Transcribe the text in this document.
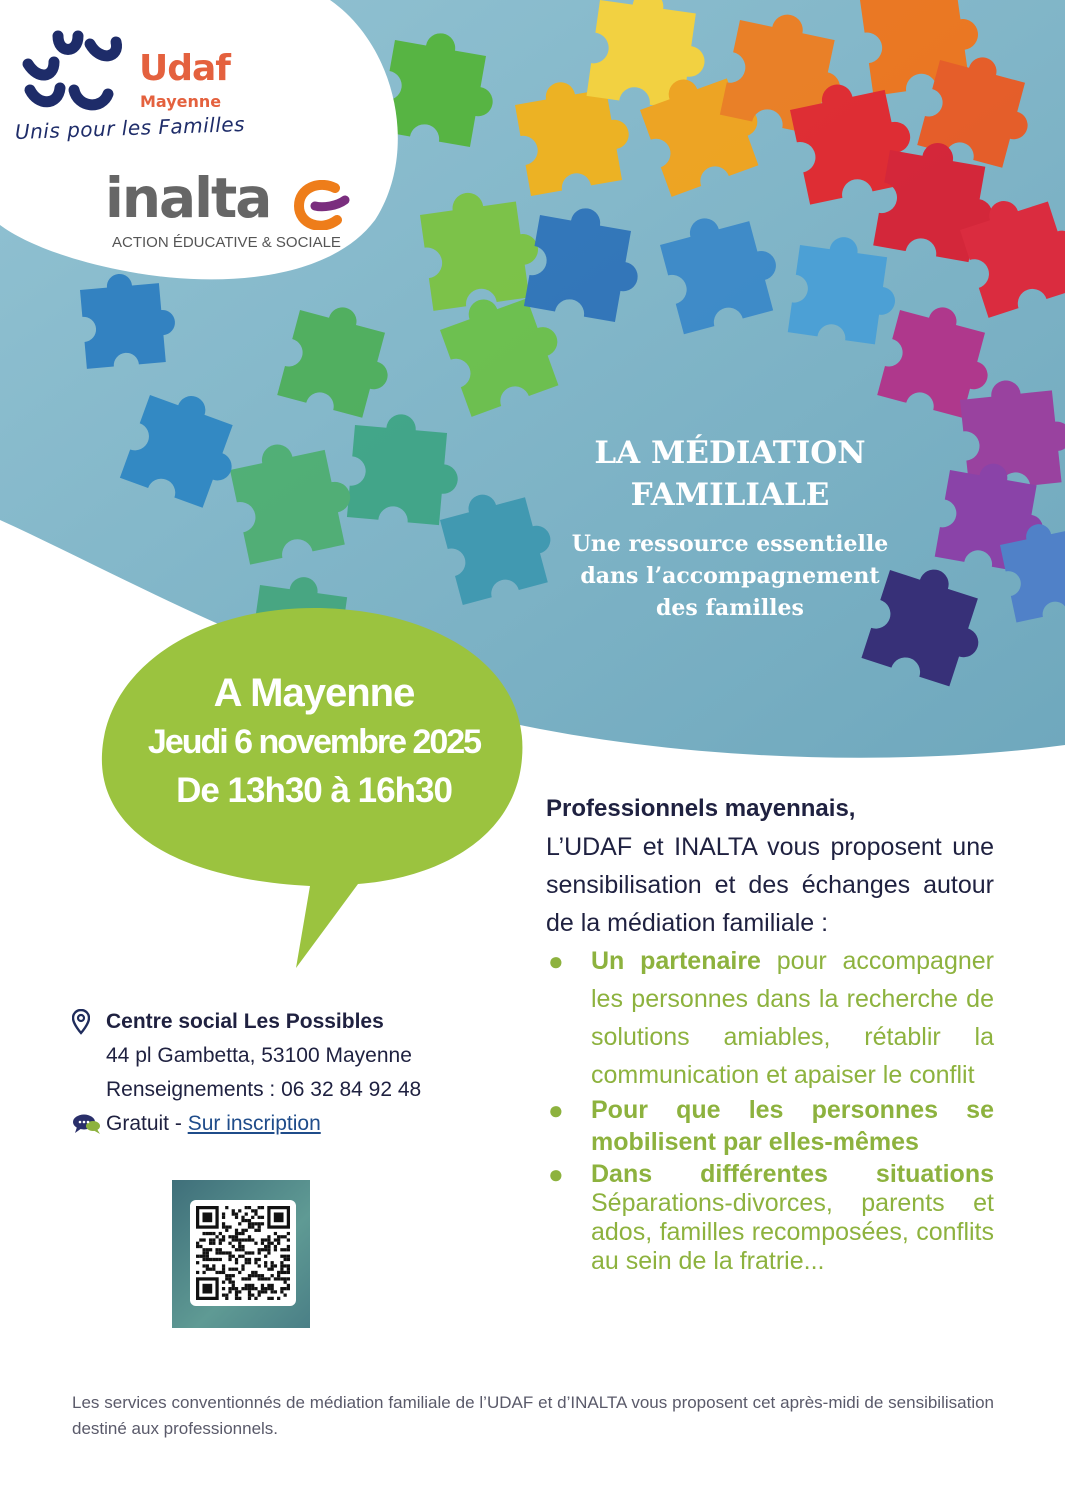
Udaf
Mayenne
Unis pour les Familles
inalta
ACTION ÉDUCATIVE & SOCIALE
LA MÉDIATION
FAMILIALE
Une ressource essentielle
dans l’accompagnement
des familles
A Mayenne
Jeudi 6 novembre 2025
De 13h30 à 16h30
Centre social Les Possibles
44 pl Gambetta, 53100 Mayenne
Renseignements : 06 32 84 92 48
Gratuit - Sur inscription
Professionnels mayennais,

L’UDAF et INALTA vous proposent une sensibilisation et des échanges autour de la médiation familiale :

● Un partenaire pour accompagner les personnes dans la recherche de solutions amiables, rétablir la communication et apaiser le conflit
● Pour que les personnes se mobilisent par elles-mêmes
● Dans différentes situations
Séparations-divorces, parents et ados, familles recomposées, conflits au sein de la fratrie...
Les services conventionnés de médiation familiale de l’UDAF et d’INALTA vous proposent cet après-midi de sensibilisation destiné aux professionnels.
